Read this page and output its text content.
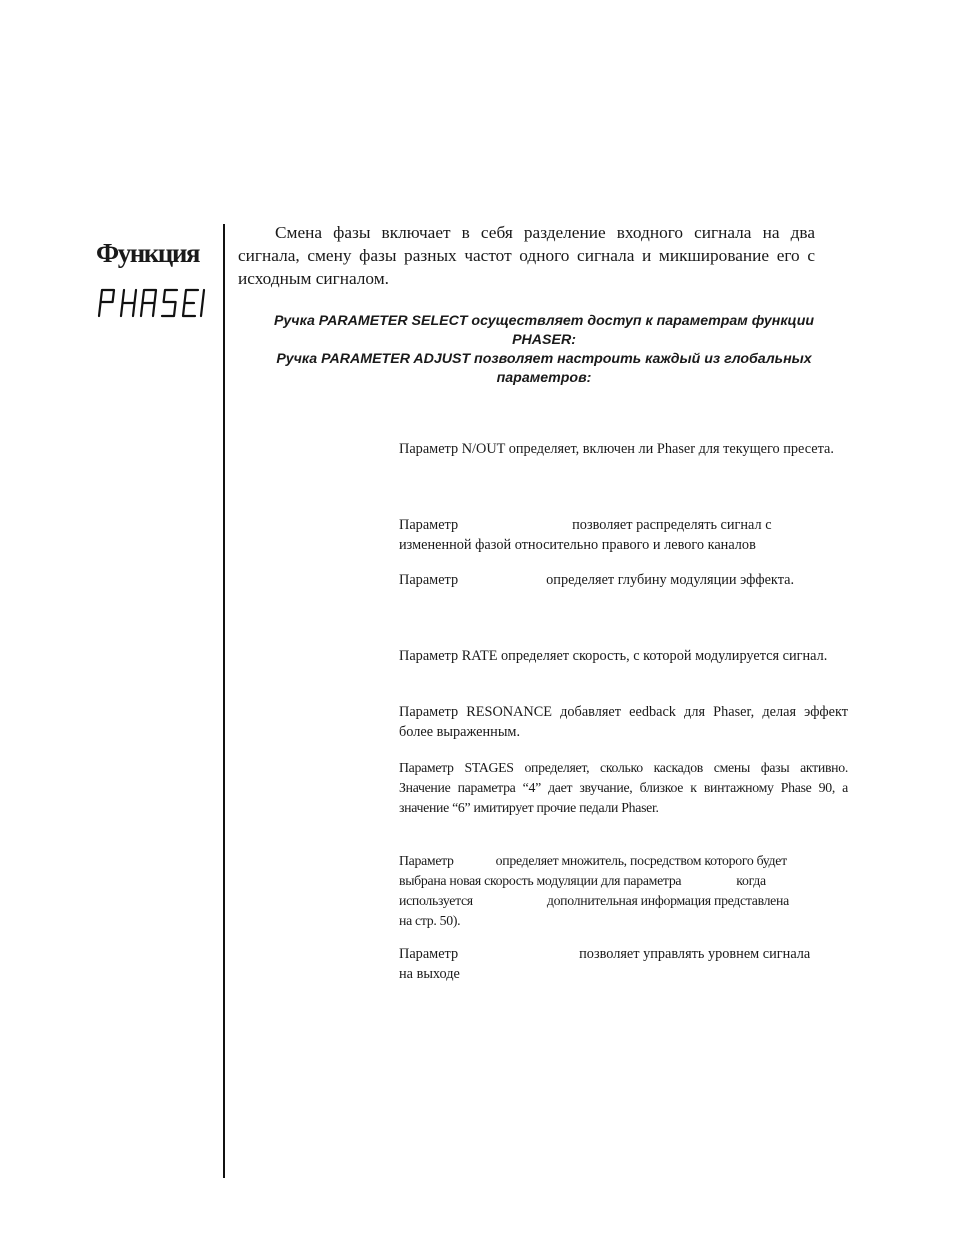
Функция
PHASER

Смена фазы включает в себя разделение входного сигнала на два сигнала, смену фазы разных частот одного сигнала и микширование его с исходным сигналом.

Ручка PARAMETER SELECT осуществляет доступ к параметрам функции
PHASER:
Ручка PARAMETER ADJUST позволяет настроить каждый из глобальных
параметров:

Параметр N/OUT определяет, включен ли Phaser для текущего пресета.

Параметр	позволяет распределять сигнал с
измененной фазой относительно правого и левого каналов

Параметр	определяет глубину модуляции эффекта.

Параметр RATE определяет скорость, с которой модулируется сигнал.

Параметр RESONANCE добавляет eedback для Phaser, делая эффект более выраженным.

Параметр STAGES определяет, сколько каскадов смены фазы активно. Значение параметра “4” дает звучание, близкое к винтажному Phase 90, а значение “6” имитирует прочие педали Phaser.

Параметр	определяет множитель, посредством которого будет
выбрана новая скорость модуляции для параметра	когда
используется	дополнительная информация представлена
на стр. 50).

Параметр	позволяет управлять уровнем сигнала
на выходе
